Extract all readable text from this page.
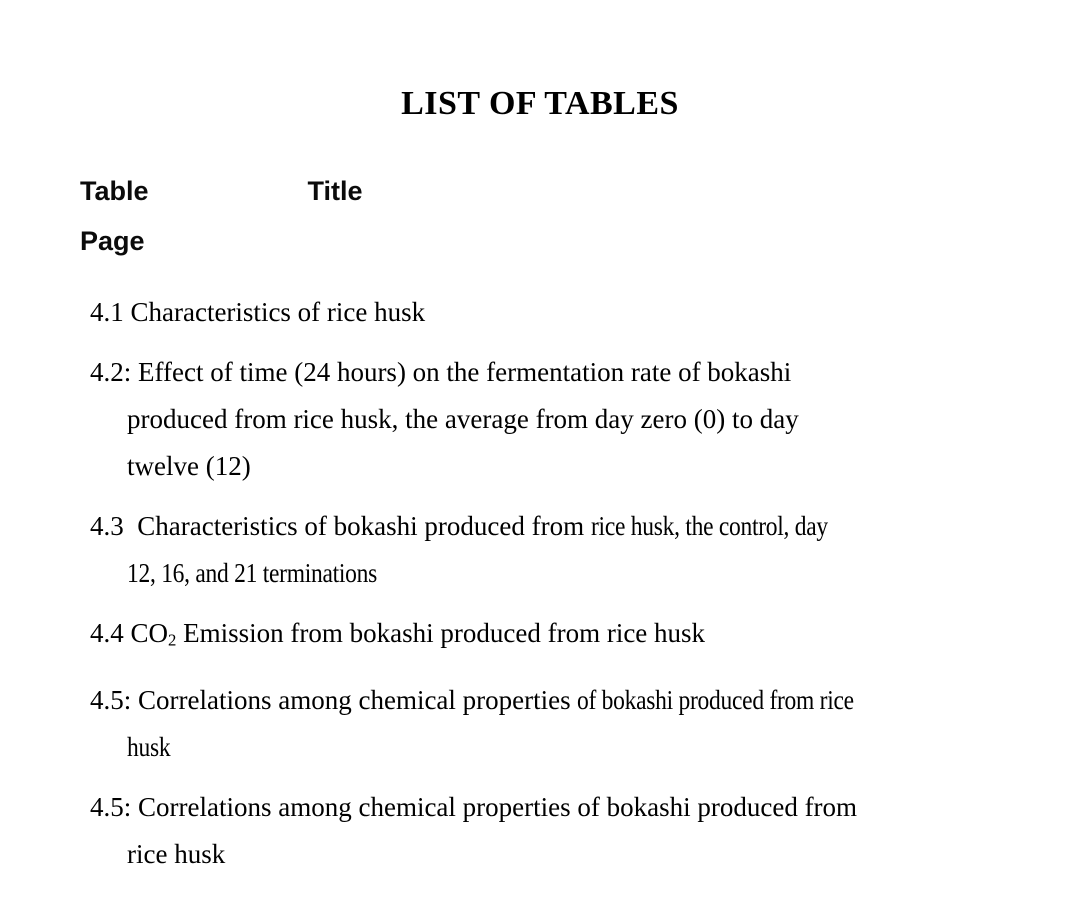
LIST OF TABLES
Table	Title
Page
4.1 Characteristics of rice husk
4.2: Effect of time (24 hours) on the fermentation rate of bokashi
produced from rice husk, the average from day zero (0) to day
twelve (12)
4.3  Characteristics of bokashi produced from rice husk, the control, day
12, 16, and 21 terminations
4.4 $CO_2$ Emission from bokashi produced from rice husk
4.5: Correlations among chemical properties of bokashi produced from rice
husk
4.5: Correlations among chemical properties of bokashi produced from
rice husk
